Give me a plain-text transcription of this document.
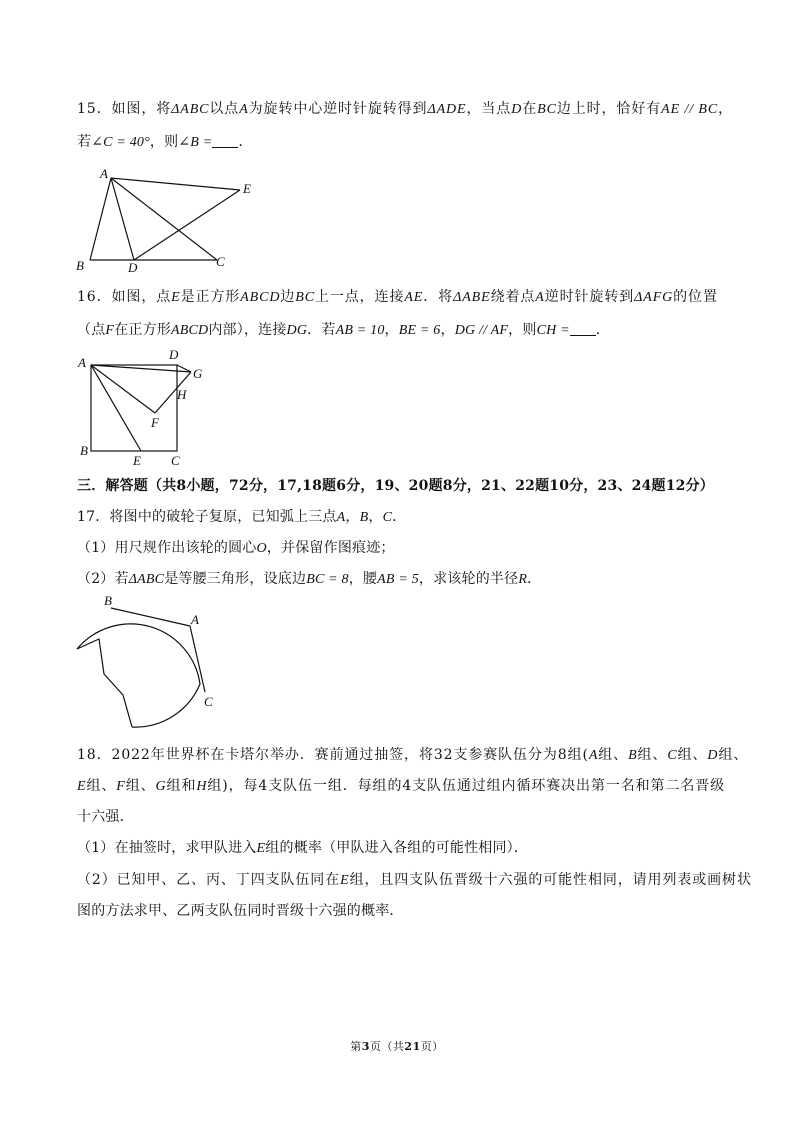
15．如图，将ΔABC以点A为旋转中心逆时针旋转得到ΔADE，当点D在BC边上时，恰好有AE // BC，
若∠C = 40°，则∠B = .
A
B	D	C
E
16．如图，点E是正方形ABCD边BC上一点，连接AE．将ΔABE绕着点A逆时针旋转到ΔAFG的位置
（点F在正方形ABCD内部），连接DG．若AB = 10，BE = 6，DG // AF，则CH = .
A
D
G
H
F
B
E C
三．解答题（共8小题，72分，17,18题6分，19、20题8分，21、22题10分，23、24题12分）
17．将图中的破轮子复原，已知弧上三点A，B，C．
（1）用尺规作出该轮的圆心O，并保留作图痕迹；
（2）若ΔABC是等腰三角形，设底边BC = 8，腰AB = 5，求该轮的半径R．
B
A
C
18．2022年世界杯在卡塔尔举办．赛前通过抽签，将32支参赛队伍分为8组(A组、B组、C组、D组、
E组、F组、G组和H组)，每4支队伍一组．每组的4支队伍通过组内循环赛决出第一名和第二名晋级
十六强．
（1）在抽签时，求甲队进入E组的概率（甲队进入各组的可能性相同）．
（2）已知甲、乙、丙、丁四支队伍同在E组，且四支队伍晋级十六强的可能性相同，请用列表或画树状
图的方法求甲、乙两支队伍同时晋级十六强的概率．
第3页（共21页）
